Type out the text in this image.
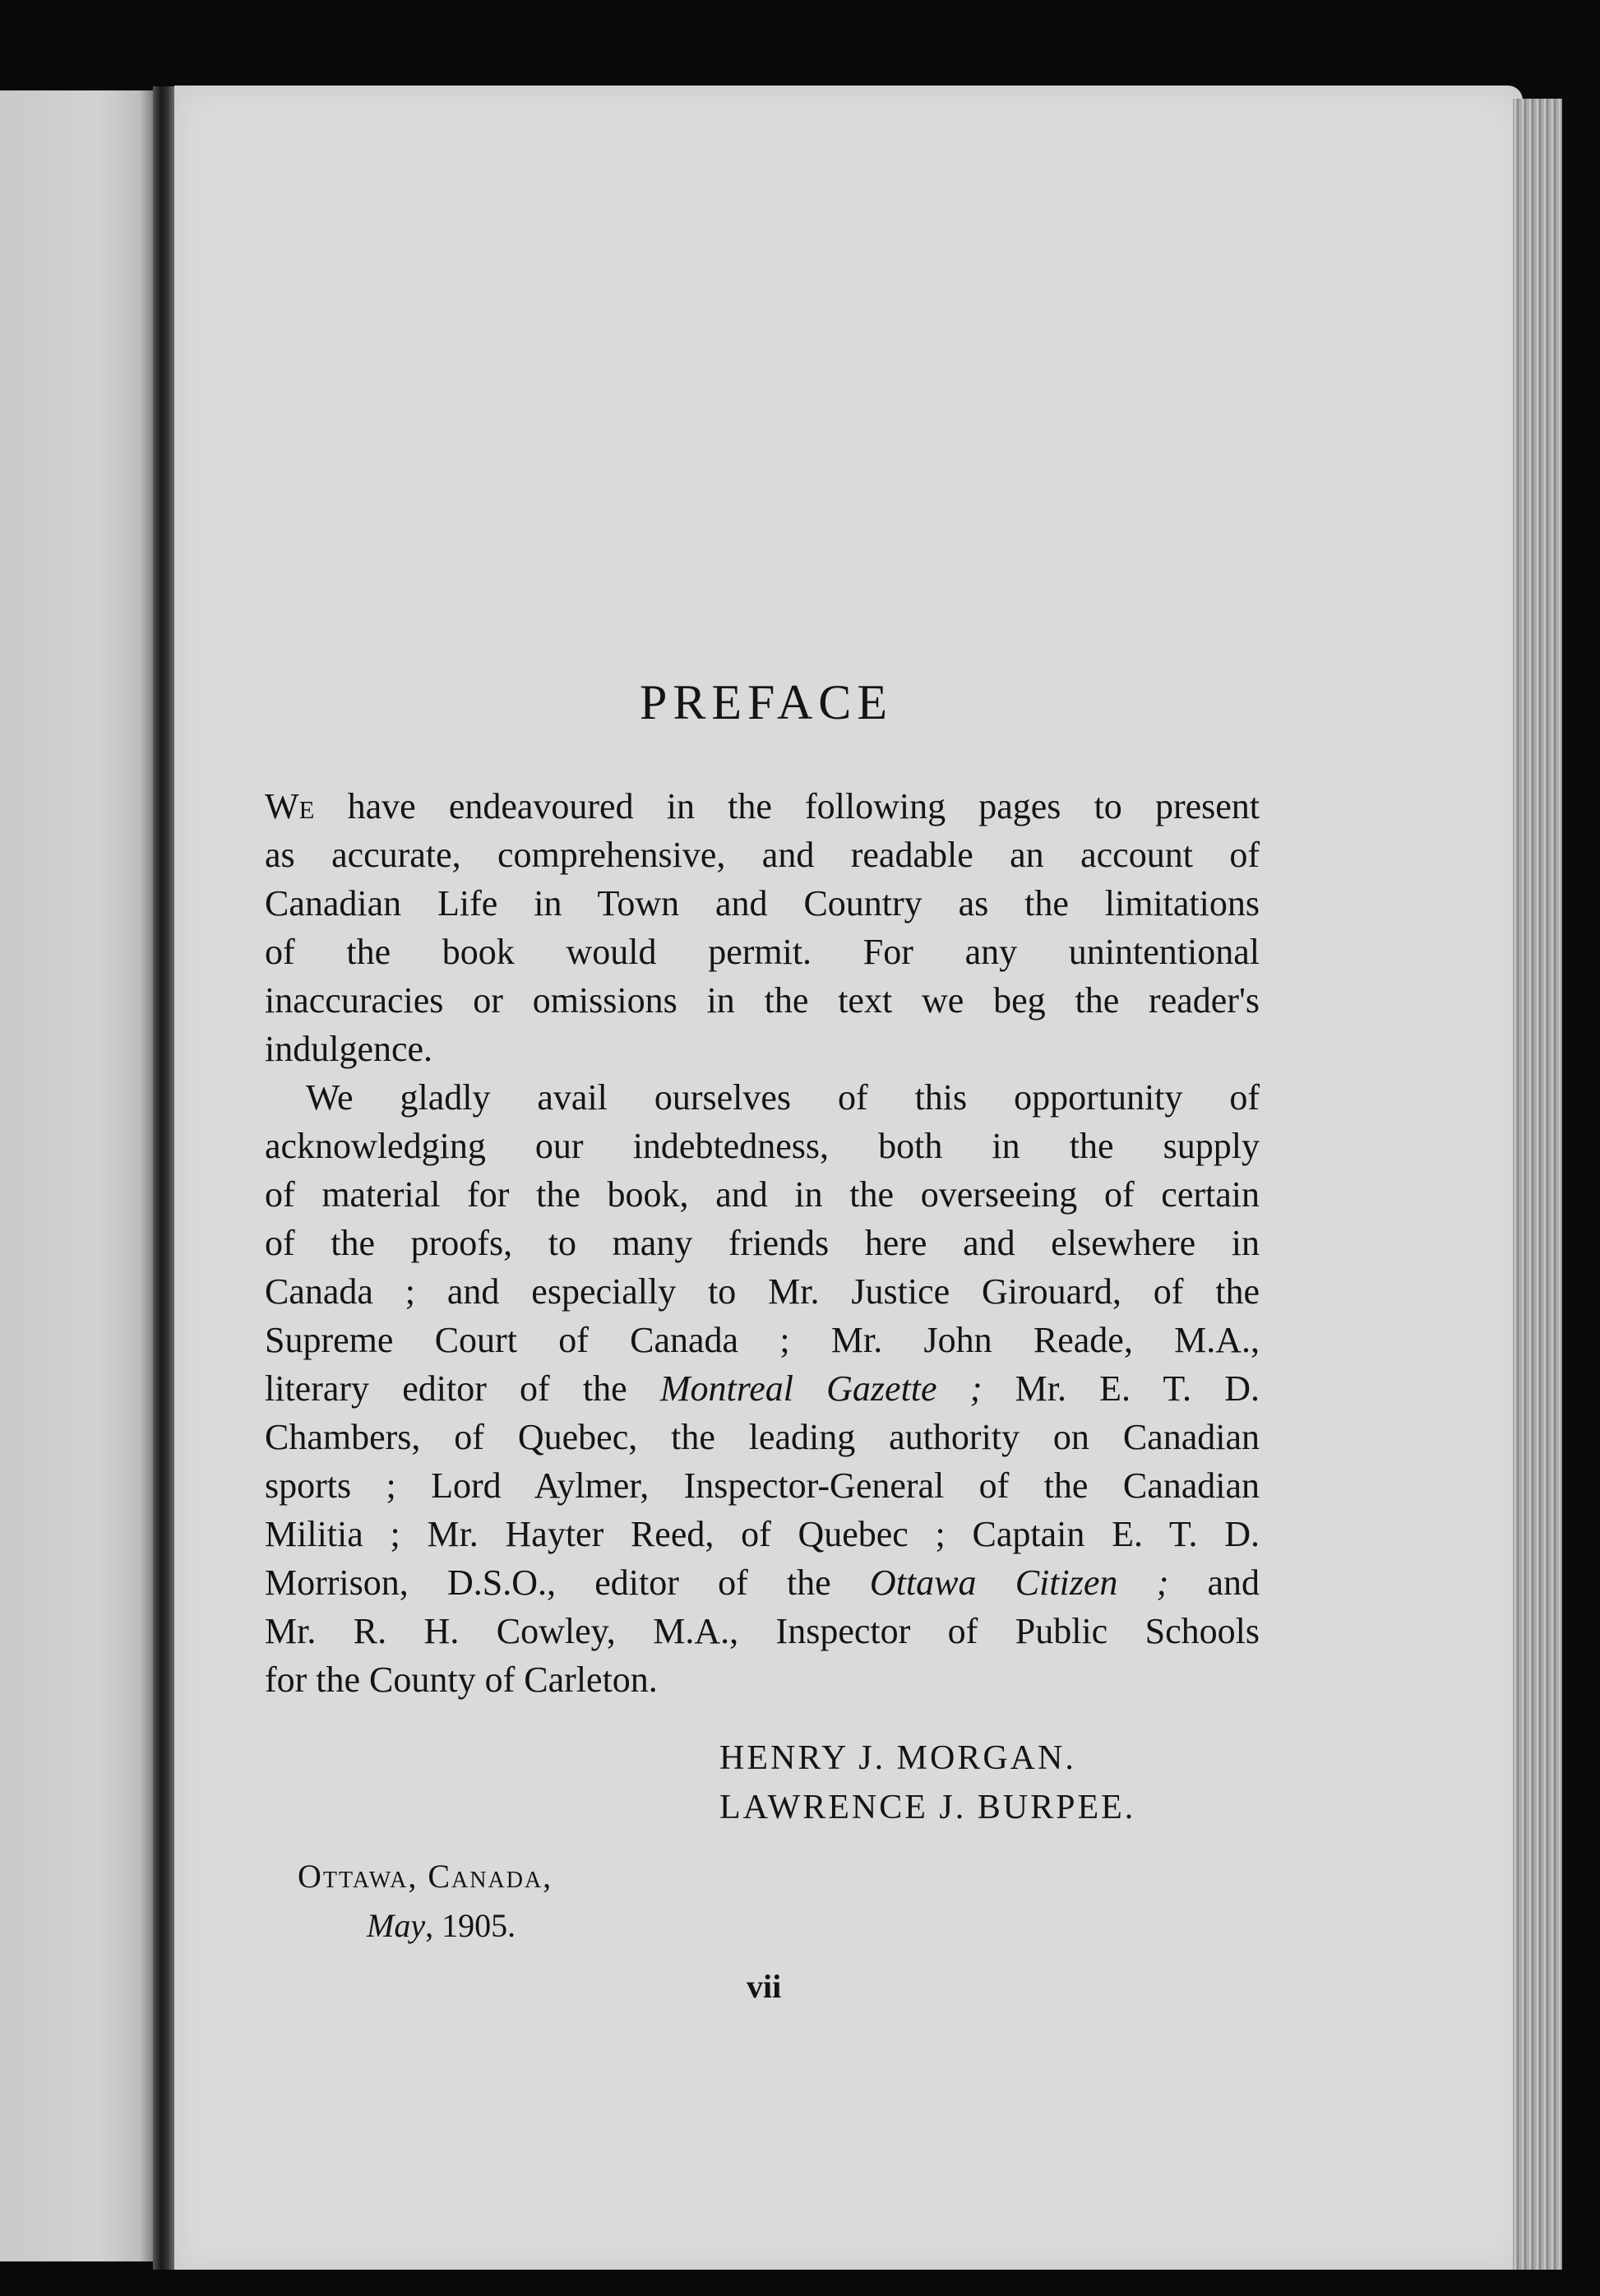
PREFACE

We have endeavoured in the following pages to present
as accurate, comprehensive, and readable an account of
Canadian Life in Town and Country as the limitations
of the book would permit. For any unintentional
inaccuracies or omissions in the text we beg the reader's
indulgence.

We gladly avail ourselves of this opportunity of
acknowledging our indebtedness, both in the supply
of material for the book, and in the overseeing of certain
of the proofs, to many friends here and elsewhere in
Canada ; and especially to Mr. Justice Girouard, of the
Supreme Court of Canada ; Mr. John Reade, M.A.,
literary editor of the Montreal Gazette ; Mr. E. T. D.
Chambers, of Quebec, the leading authority on Canadian
sports ; Lord Aylmer, Inspector-General of the Canadian
Militia ; Mr. Hayter Reed, of Quebec ; Captain E. T. D.
Morrison, D.S.O., editor of the Ottawa Citizen ; and
Mr. R. H. Cowley, M.A., Inspector of Public Schools
for the County of Carleton.

HENRY J. MORGAN.
LAWRENCE J. BURPEE.
Ottawa, Canada,
May, 1905.
vii
